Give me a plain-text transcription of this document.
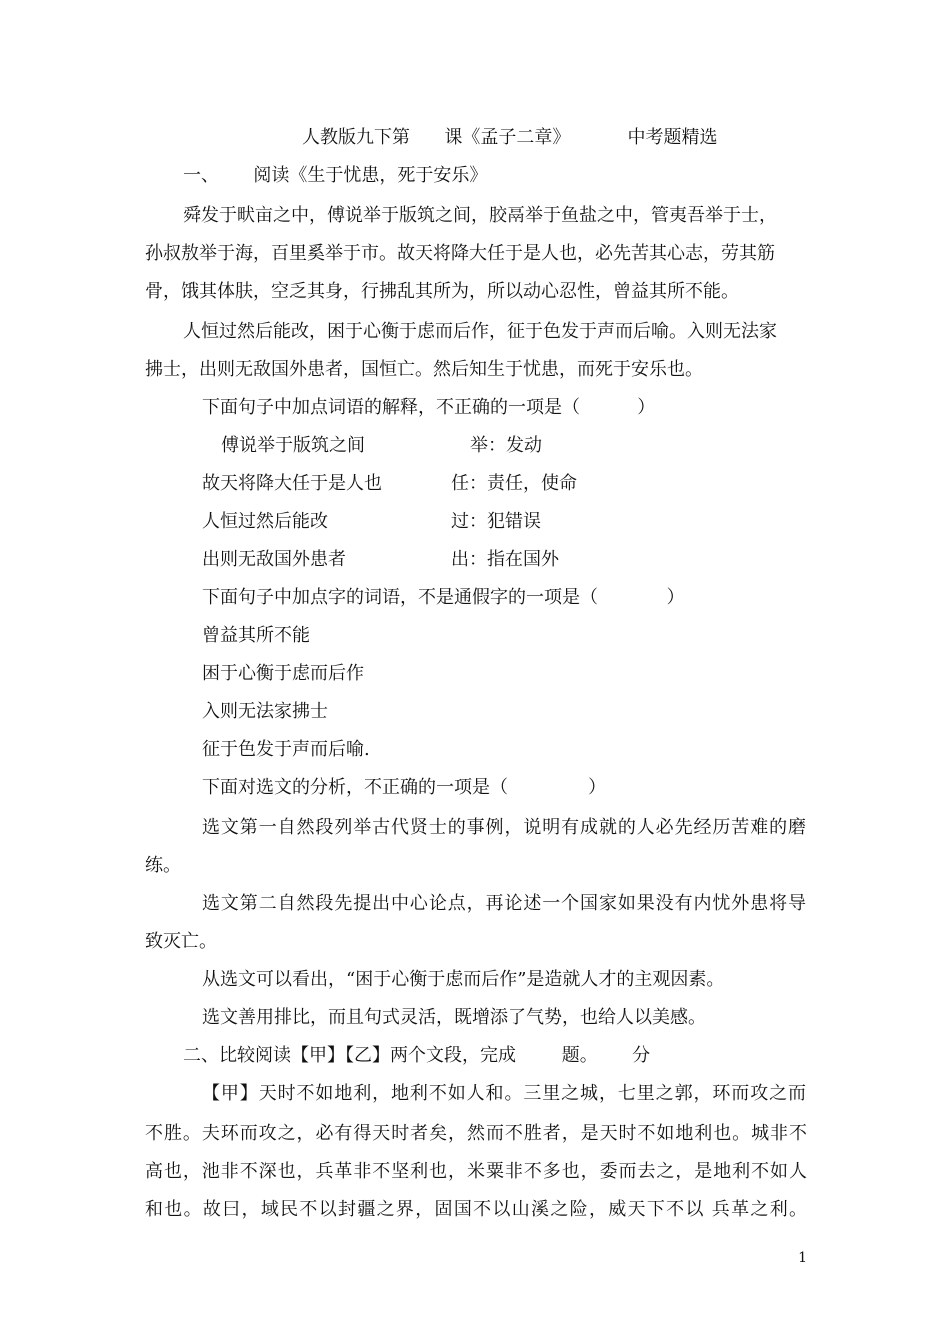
人教版九下第      课《孟子二章》          中考题精选
一、      阅读《生于忧患，死于安乐》
舜发于畎亩之中，傅说举于版筑之间，胶鬲举于鱼盐之中，管夷吾举于士，
孙叔敖举于海，百里奚举于市。故天将降大任于是人也，必先苦其心志，劳其筋
骨，饿其体肤，空乏其身，行拂乱其所为，所以动心忍性，曾益其所不能。
人恒过然后能改，困于心衡于虑而后作，征于色发于声而后喻。入则无法家
拂士，出则无敌国外患者，国恒亡。然后知生于忧患，而死于安乐也。
下面句子中加点词语的解释，不正确的一项是（          ）
傅说举于版筑之间	举：发动
故天将降大任于是人也	任：责任，使命
人恒过然后能改	过：犯错误
出则无敌国外患者	出：指在国外
下面句子中加点字的词语，不是通假字的一项是（            ）
曾益其所不能
困于心衡于虑而后作
入则无法家拂士
征于色发于声而后喻.
下面对选文的分析，不正确的一项是（              ）
选文第一自然段列举古代贤士的事例，说明有成就的人必先经历苦难的磨
练。
选文第二自然段先提出中心论点，再论述一个国家如果没有内忧外患将导
致灭亡。
从选文可以看出，“困于心衡于虑而后作”是造就人才的主观因素。
选文善用排比，而且句式灵活，既增添了气势，也给人以美感。
二、比较阅读【甲】【乙】两个文段，完成        题。      分
【甲】天时不如地利，地利不如人和。三里之城，七里之郭，环而攻之而
不胜。夫环而攻之，必有得天时者矣，然而不胜者，是天时不如地利也。城非不
高也，池非不深也，兵革非不坚利也，米粟非不多也，委而去之，是地利不如人
和也。故曰，域民不以封疆之界，固国不以山溪之险，威天下不以 兵革之利。
1
